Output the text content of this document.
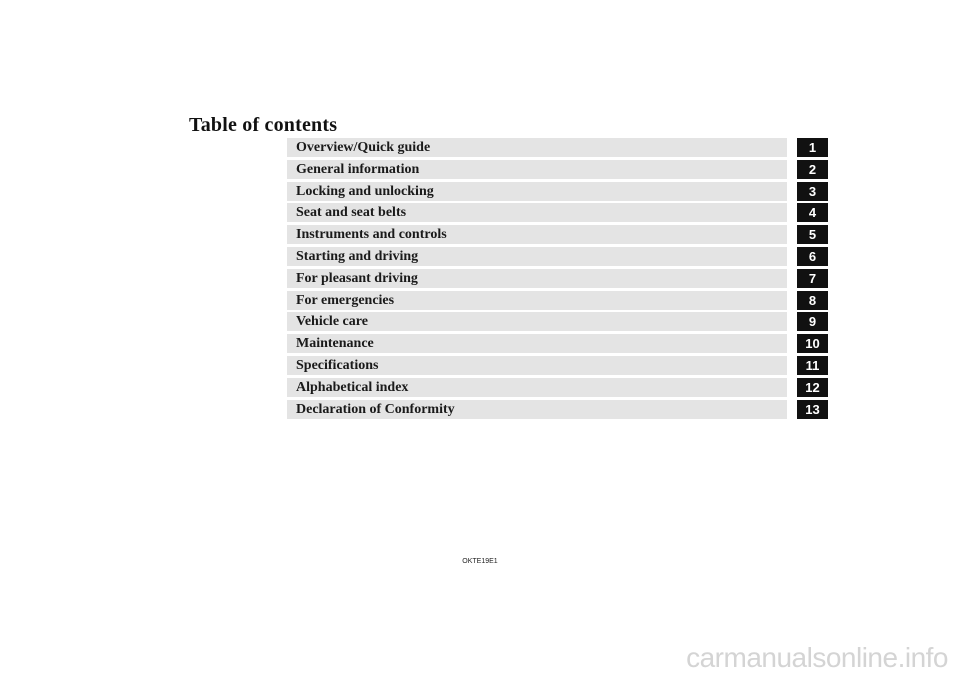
Table of contents
Overview/Quick guide	1
General information	2
Locking and unlocking	3
Seat and seat belts	4
Instruments and controls	5
Starting and driving	6
For pleasant driving	7
For emergencies	8
Vehicle care	9
Maintenance	10
Specifications	11
Alphabetical index	12
Declaration of Conformity	13
OKTE19E1
carmanualsonline.info
